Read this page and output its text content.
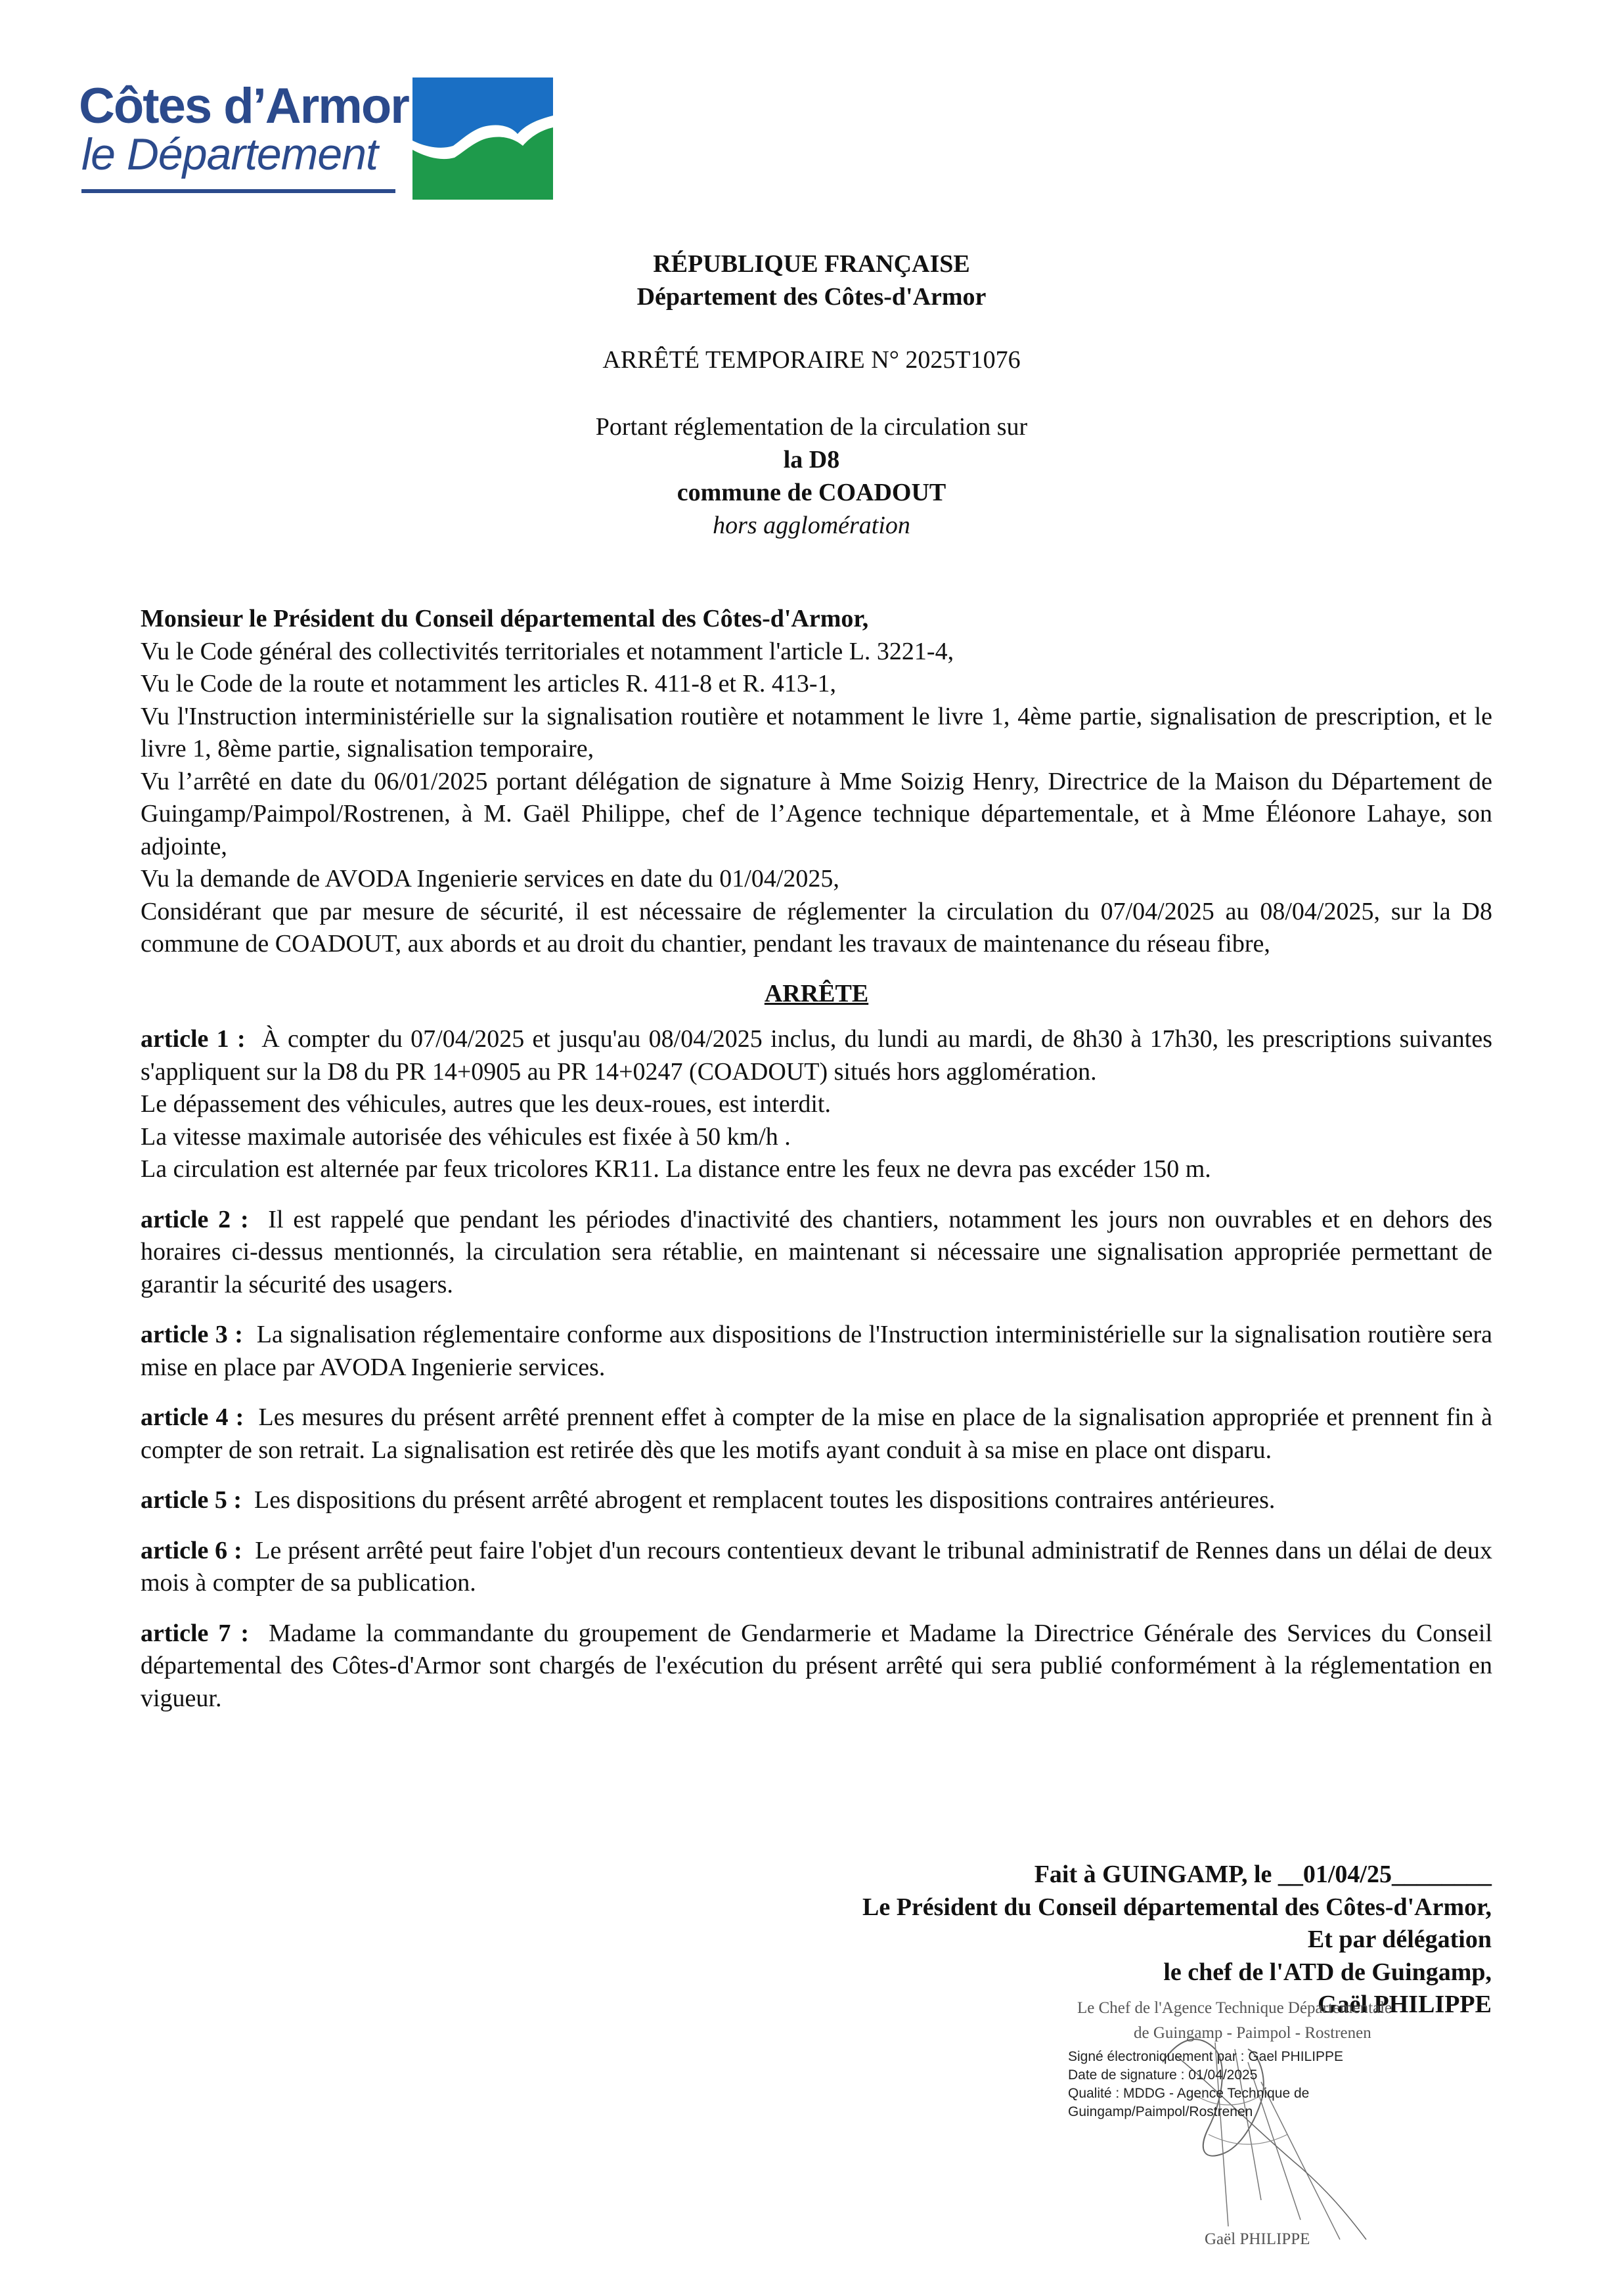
Côtes d’Armor
le Département
RÉPUBLIQUE FRANÇAISE
Département des Côtes-d'Armor
ARRÊTÉ TEMPORAIRE N° 2025T1076
Portant réglementation de la circulation sur
la D8
commune de COADOUT
hors agglomération

Monsieur le Président du Conseil départemental des Côtes-d'Armor,

Vu le Code général des collectivités territoriales et notamment l'article L. 3221-4,

Vu le Code de la route et notamment les articles R. 411-8 et R. 413-1,

Vu l'Instruction interministérielle sur la signalisation routière et notamment le livre 1, 4ème partie, signalisation de prescription, et le livre 1, 8ème partie, signalisation temporaire,

Vu l’arrêté en date du 06/01/2025 portant délégation de signature à Mme Soizig Henry, Directrice de la Maison du Département de Guingamp/Paimpol/Rostrenen, à M. Gaël Philippe, chef de l’Agence technique départementale, et à Mme Éléonore Lahaye, son adjointe,

Vu la demande de AVODA Ingenierie services en date du 01/04/2025,

Considérant que par mesure de sécurité, il est nécessaire de réglementer la circulation du 07/04/2025 au 08/04/2025, sur la D8 commune de COADOUT, aux abords et au droit du chantier, pendant les travaux de maintenance du réseau fibre,

ARRÊTE

article 1 : À compter du 07/04/2025 et jusqu'au 08/04/2025 inclus, du lundi au mardi, de 8h30 à 17h30, les prescriptions suivantes s'appliquent sur la D8 du PR 14+0905 au PR 14+0247 (COADOUT) situés hors agglomération.

Le dépassement des véhicules, autres que les deux-roues, est interdit.

La vitesse maximale autorisée des véhicules est fixée à 50 km/h .

La circulation est alternée par feux tricolores KR11. La distance entre les feux ne devra pas excéder 150 m.

article 2 : Il est rappelé que pendant les périodes d'inactivité des chantiers, notamment les jours non ouvrables et en dehors des horaires ci-dessus mentionnés, la circulation sera rétablie, en maintenant si nécessaire une signalisation appropriée permettant de garantir la sécurité des usagers.

article 3 : La signalisation réglementaire conforme aux dispositions de l'Instruction interministérielle sur la signalisation routière sera mise en place par AVODA Ingenierie services.

article 4 : Les mesures du présent arrêté prennent effet à compter de la mise en place de la signalisation appropriée et prennent fin à compter de son retrait. La signalisation est retirée dès que les motifs ayant conduit à sa mise en place ont disparu.

article 5 : Les dispositions du présent arrêté abrogent et remplacent toutes les dispositions contraires antérieures.

article 6 : Le présent arrêté peut faire l'objet d'un recours contentieux devant le tribunal administratif de Rennes dans un délai de deux mois à compter de sa publication.

article 7 : Madame la commandante du groupement de Gendarmerie et Madame la Directrice Générale des Services du Conseil départemental des Côtes-d'Armor sont chargés de l'exécution du présent arrêté qui sera publié conformément à la réglementation en vigueur.

Fait à GUINGAMP, le __01/04/25________

Le Président du Conseil départemental des Côtes-d'Armor,

Et par délégation

le chef de l'ATD de Guingamp,

Gaël PHILIPPE

Le Chef de l'Agence Technique Départementale
de Guingamp - Paimpol - Rostrenen
Gaël PHILIPPE
Signé électroniquement par : Gael PHILIPPE
Date de signature : 01/04/2025
Qualité : MDDG - Agence Technique de
Guingamp/Paimpol/Rostrenen
